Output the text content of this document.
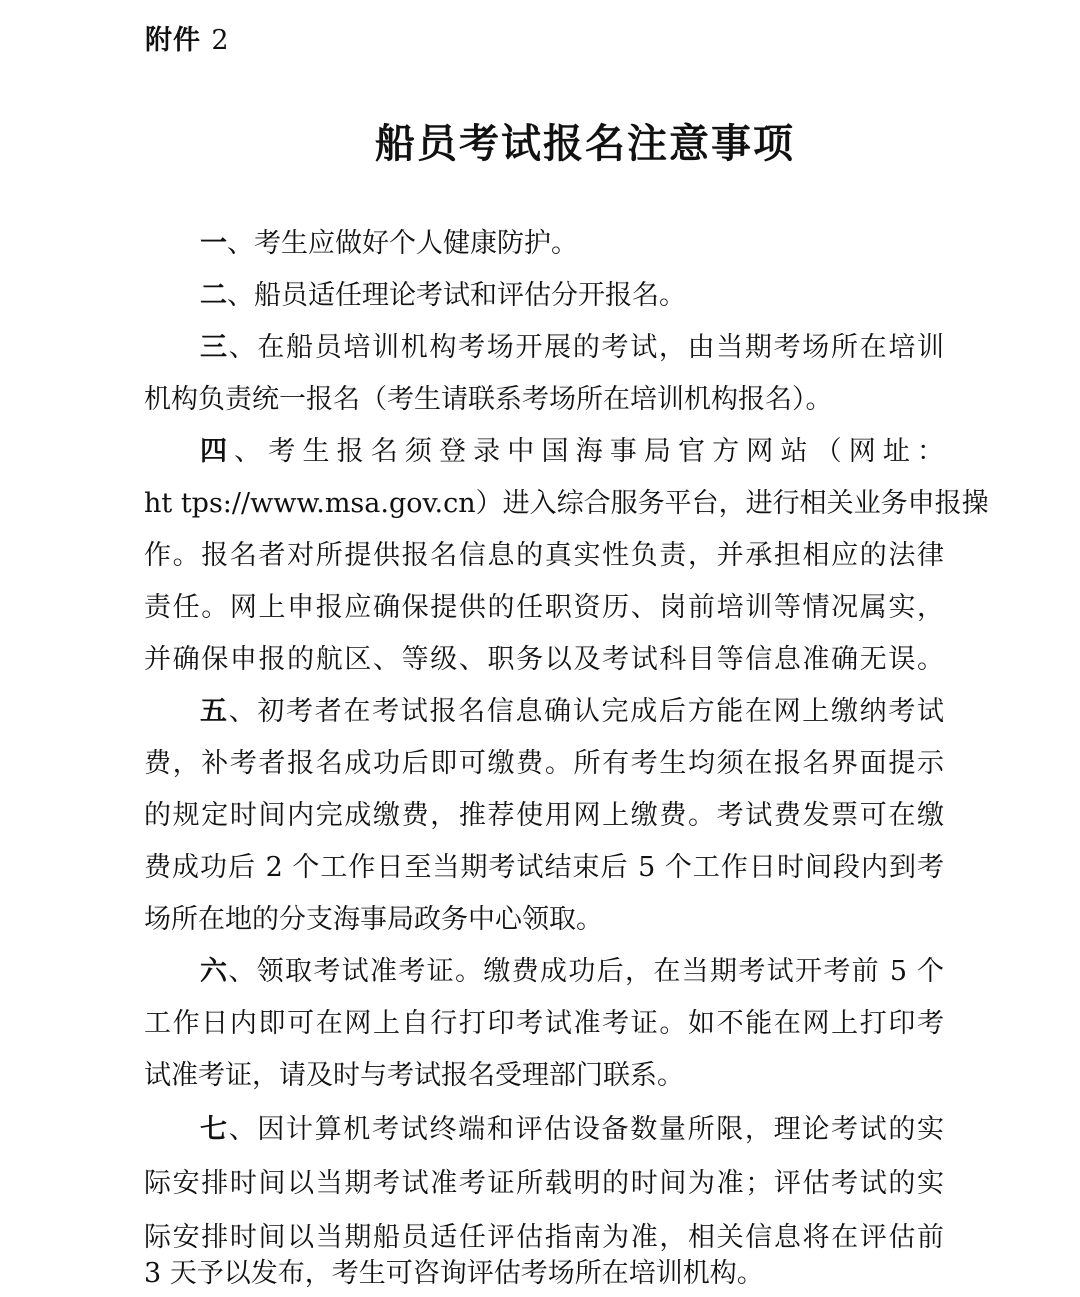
附件 2
船员考试报名注意事项
一、考生应做好个人健康防护。
二、船员适任理论考试和评估分开报名。
三、在船员培训机构考场开展的考试，由当期考场所在培训
机构负责统一报名（考生请联系考场所在培训机构报名）。
四、考生报名须登录中国海事局官方网站（网址：
ht tps://www.msa.gov.cn）进入综合服务平台，进行相关业务申报操
作。报名者对所提供报名信息的真实性负责，并承担相应的法律
责任。网上申报应确保提供的任职资历、岗前培训等情况属实，
并确保申报的航区、等级、职务以及考试科目等信息准确无误。
五、初考者在考试报名信息确认完成后方能在网上缴纳考试
费，补考者报名成功后即可缴费。所有考生均须在报名界面提示
的规定时间内完成缴费，推荐使用网上缴费。考试费发票可在缴
费成功后 2 个工作日至当期考试结束后 5 个工作日时间段内到考
场所在地的分支海事局政务中心领取。
六、领取考试准考证。缴费成功后，在当期考试开考前 5 个
工作日内即可在网上自行打印考试准考证。如不能在网上打印考
试准考证，请及时与考试报名受理部门联系。
七、因计算机考试终端和评估设备数量所限，理论考试的实
际安排时间以当期考试准考证所载明的时间为准；评估考试的实
际安排时间以当期船员适任评估指南为准，相关信息将在评估前
3 天予以发布，考生可咨询评估考场所在培训机构。
